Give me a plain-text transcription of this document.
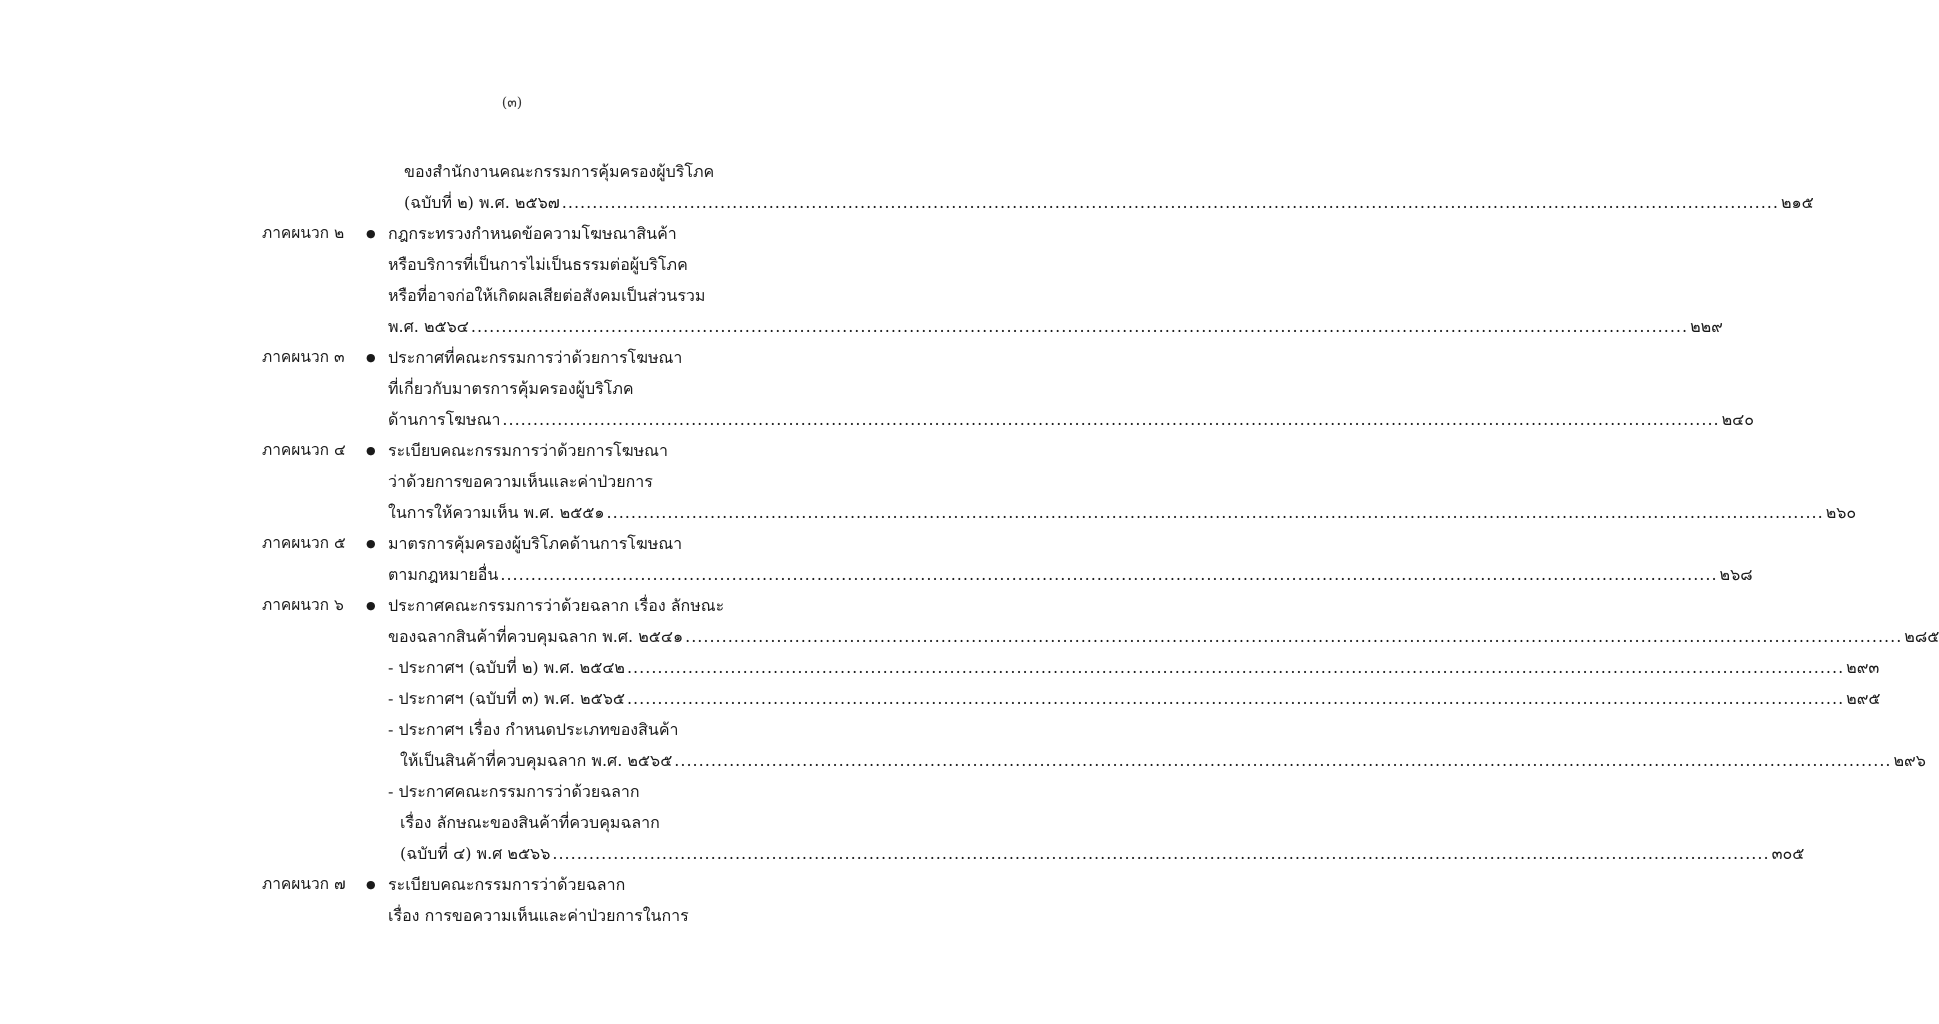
(๓)
ของสำนักงานคณะกรรมการคุ้มครองผู้บริโภค
(ฉบับที่ ๒) พ.ศ. ๒๕๖๗ ........................................................................................................................................................................................................ ๒๑๕
ภาคผนวก ๒ ● กฎกระทรวงกำหนดข้อความโฆษณาสินค้า
หรือบริการที่เป็นการไม่เป็นธรรมต่อผู้บริโภค
หรือที่อาจก่อให้เกิดผลเสียต่อสังคมเป็นส่วนรวม
พ.ศ. ๒๕๖๔ ........................................................................................................................................................................................................ ๒๒๙
ภาคผนวก ๓ ● ประกาศที่คณะกรรมการว่าด้วยการโฆษณา
ที่เกี่ยวกับมาตรการคุ้มครองผู้บริโภค
ด้านการโฆษณา ........................................................................................................................................................................................................ ๒๔๐
ภาคผนวก ๔ ● ระเบียบคณะกรรมการว่าด้วยการโฆษณา
ว่าด้วยการขอความเห็นและค่าป่วยการ
ในการให้ความเห็น พ.ศ. ๒๕๕๑ ........................................................................................................................................................................................................ ๒๖๐
ภาคผนวก ๕ ● มาตรการคุ้มครองผู้บริโภคด้านการโฆษณา
ตามกฎหมายอื่น ........................................................................................................................................................................................................ ๒๖๘
ภาคผนวก ๖ ● ประกาศคณะกรรมการว่าด้วยฉลาก เรื่อง ลักษณะ
ของฉลากสินค้าที่ควบคุมฉลาก พ.ศ. ๒๕๔๑ ........................................................................................................................................................................................................ ๒๘๕
- ประกาศฯ (ฉบับที่ ๒) พ.ศ. ๒๕๔๒ ........................................................................................................................................................................................................ ๒๙๓
- ประกาศฯ (ฉบับที่ ๓) พ.ศ. ๒๕๖๕ ........................................................................................................................................................................................................ ๒๙๕
- ประกาศฯ เรื่อง กำหนดประเภทของสินค้า
ให้เป็นสินค้าที่ควบคุมฉลาก พ.ศ. ๒๕๖๕ ........................................................................................................................................................................................................ ๒๙๖
- ประกาศคณะกรรมการว่าด้วยฉลาก
เรื่อง ลักษณะของสินค้าที่ควบคุมฉลาก
(ฉบับที่ ๔) พ.ศ ๒๕๖๖ ........................................................................................................................................................................................................ ๓๐๕
ภาคผนวก ๗ ● ระเบียบคณะกรรมการว่าด้วยฉลาก
เรื่อง การขอความเห็นและค่าป่วยการในการ
